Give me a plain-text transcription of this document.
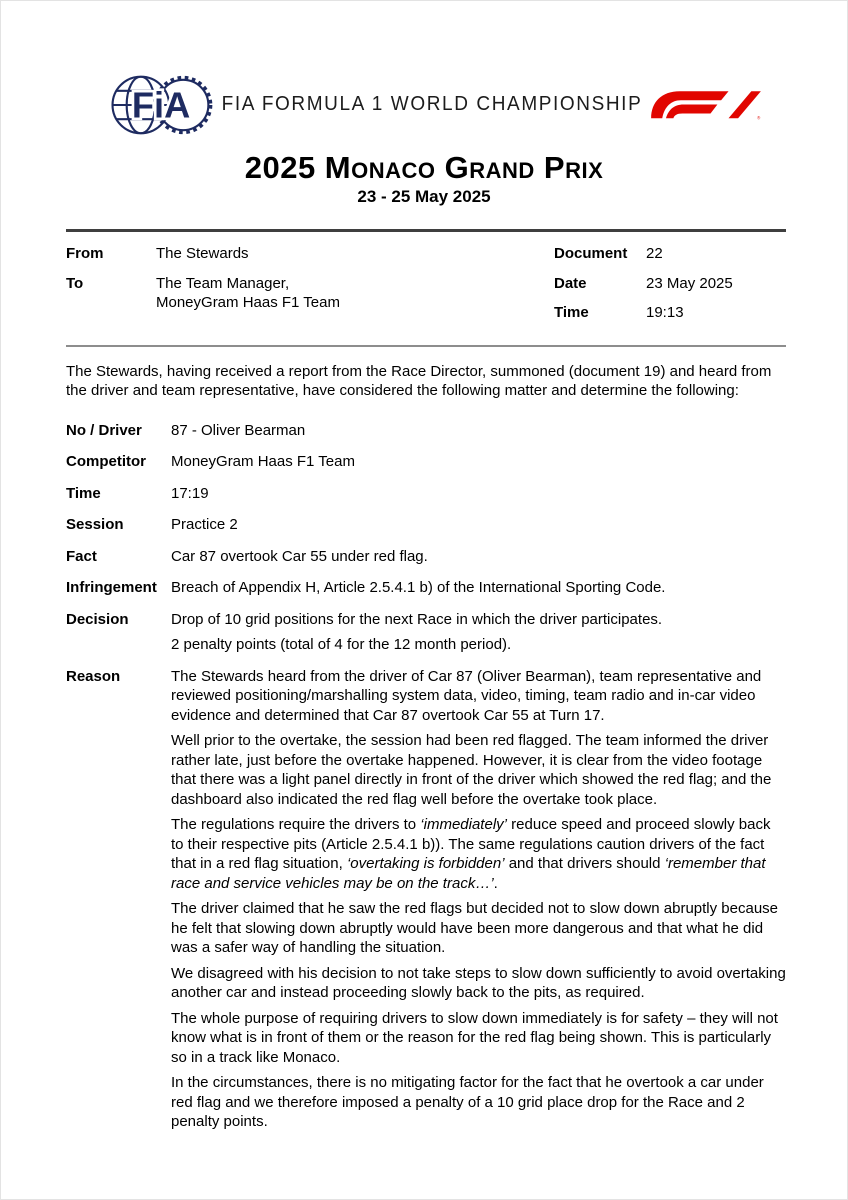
FiA FIA FORMULA 1 WORLD CHAMPIONSHIP
®
2025 Monaco Grand Prix
23 - 25 May 2025
From	The Stewards
To	The Team Manager,
MoneyGram Haas F1 Team
Document	22
Date	23 May 2025
Time	19:13

The Stewards, having received a report from the Race Director, summoned (document 19) and heard from the driver and team representative, have considered the following matter and determine the following:

No / Driver	87 - Oliver Bearman
Competitor	MoneyGram Haas F1 Team
Time	17:19
Session	Practice 2
Fact	Car 87 overtook Car 55 under red flag.
Infringement Breach of Appendix H, Article 2.5.4.1 b) of the International Sporting Code.
Decision	Drop of 10 grid positions for the next Race in which the driver participates.
2 penalty points (total of 4 for the 12 month period).
Reason	The Stewards heard from the driver of Car 87 (Oliver Bearman), team representative and reviewed positioning/marshalling system data, video, timing, team radio and in-car video evidence and determined that Car 87 overtook Car 55 at Turn 17.

Well prior to the overtake, the session had been red flagged. The team informed the driver rather late, just before the overtake happened. However, it is clear from the video footage that there was a light panel directly in front of the driver which showed the red flag; and the dashboard also indicated the red flag well before the overtake took place.

The regulations require the drivers to ‘immediately’ reduce speed and proceed slowly back to their respective pits (Article 2.5.4.1 b)). The same regulations caution drivers of the fact that in a red flag situation, ‘overtaking is forbidden’ and that drivers should ‘remember that race and service vehicles may be on the track…’.

The driver claimed that he saw the red flags but decided not to slow down abruptly because he felt that slowing down abruptly would have been more dangerous and that what he did was a safer way of handling the situation.

We disagreed with his decision to not take steps to slow down sufficiently to avoid overtaking another car and instead proceeding slowly back to the pits, as required.

The whole purpose of requiring drivers to slow down immediately is for safety – they will not know what is in front of them or the reason for the red flag being shown. This is particularly so in a track like Monaco.

In the circumstances, there is no mitigating factor for the fact that he overtook a car under red flag and we therefore imposed a penalty of a 10 grid place drop for the Race and 2 penalty points.
